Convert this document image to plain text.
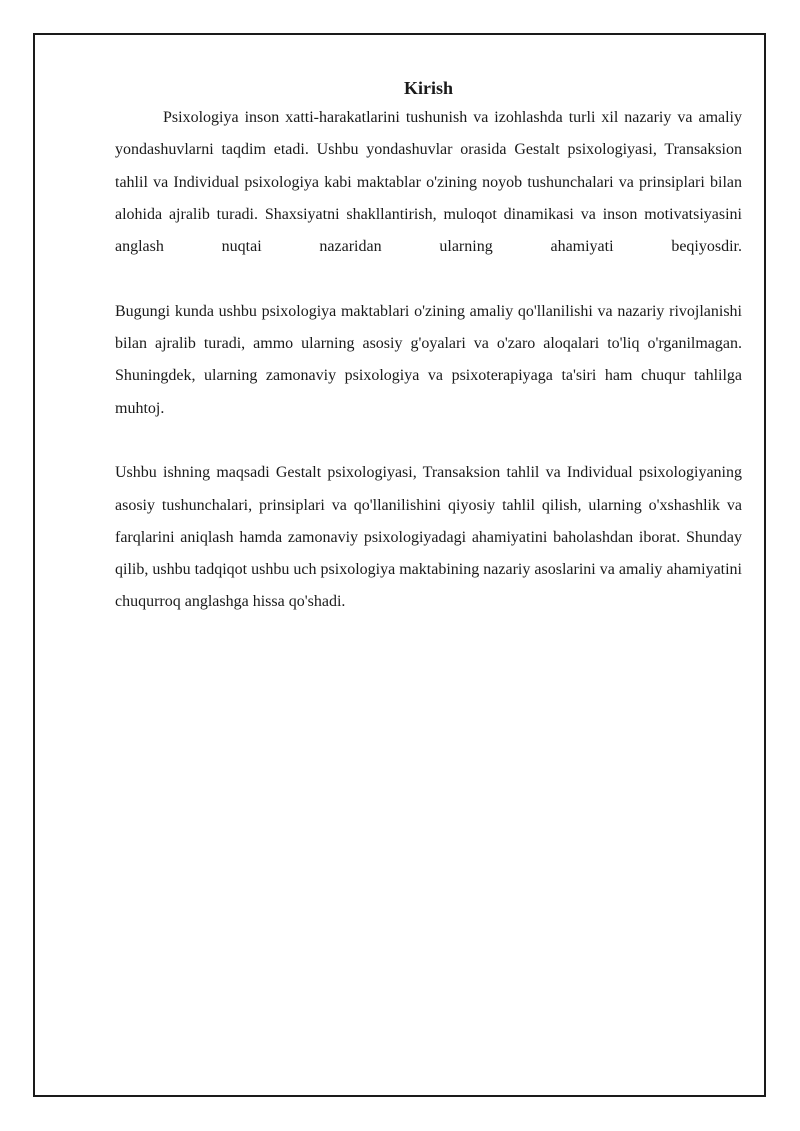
Kirish

Psixologiya inson xatti-harakatlarini tushunish va izohlashda turli xil nazariy va amaliy yondashuvlarni taqdim etadi. Ushbu yondashuvlar orasida Gestalt psixologiyasi, Transaksion tahlil va Individual psixologiya kabi maktablar o'zining noyob tushunchalari va prinsiplari bilan alohida ajralib turadi. Shaxsiyatni shakllantirish, muloqot dinamikasi va inson motivatsiyasini anglash nuqtai nazaridan ularning ahamiyati beqiyosdir.

Bugungi kunda ushbu psixologiya maktablari o'zining amaliy qo'llanilishi va nazariy rivojlanishi bilan ajralib turadi, ammo ularning asosiy g'oyalari va o'zaro aloqalari to'liq o'rganilmagan. Shuningdek, ularning zamonaviy psixologiya va psixoterapiyaga ta'siri ham chuqur tahlilga muhtoj.

Ushbu ishning maqsadi Gestalt psixologiyasi, Transaksion tahlil va Individual psixologiyaning asosiy tushunchalari, prinsiplari va qo'llanilishini qiyosiy tahlil qilish, ularning o'xshashlik va farqlarini aniqlash hamda zamonaviy psixologiyadagi ahamiyatini baholashdan iborat. Shunday qilib, ushbu tadqiqot ushbu uch psixologiya maktabining nazariy asoslarini va amaliy ahamiyatini chuqurroq anglashga hissa qo'shadi.
